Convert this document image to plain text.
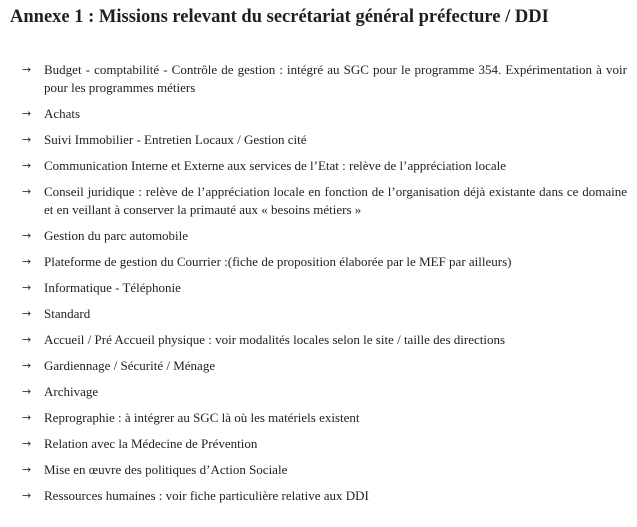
Annexe 1 : Missions relevant du secrétariat général préfecture / DDI
→ Budget - comptabilité - Contrôle de gestion : intégré au SGC pour le programme 354. Expérimentation à voir pour les programmes métiers
→ Achats
→ Suivi Immobilier - Entretien Locaux / Gestion cité
→ Communication Interne et Externe aux services de l’Etat : relève de l’appréciation locale
→ Conseil juridique : relève de l’appréciation locale en fonction de l’organisation déjà existante dans ce domaine et en veillant à conserver la primauté aux « besoins métiers »
→ Gestion du parc automobile
→ Plateforme de gestion du Courrier :(fiche de proposition élaborée par le MEF par ailleurs)
→ Informatique - Téléphonie
→ Standard
→ Accueil / Pré Accueil physique : voir modalités locales selon le site / taille des directions
→ Gardiennage / Sécurité / Ménage
→ Archivage
→ Reprographie : à intégrer au SGC là où les matériels existent
→ Relation avec la Médecine de Prévention
→ Mise en œuvre des politiques d’Action Sociale
→ Ressources humaines : voir fiche particulière relative aux DDI
